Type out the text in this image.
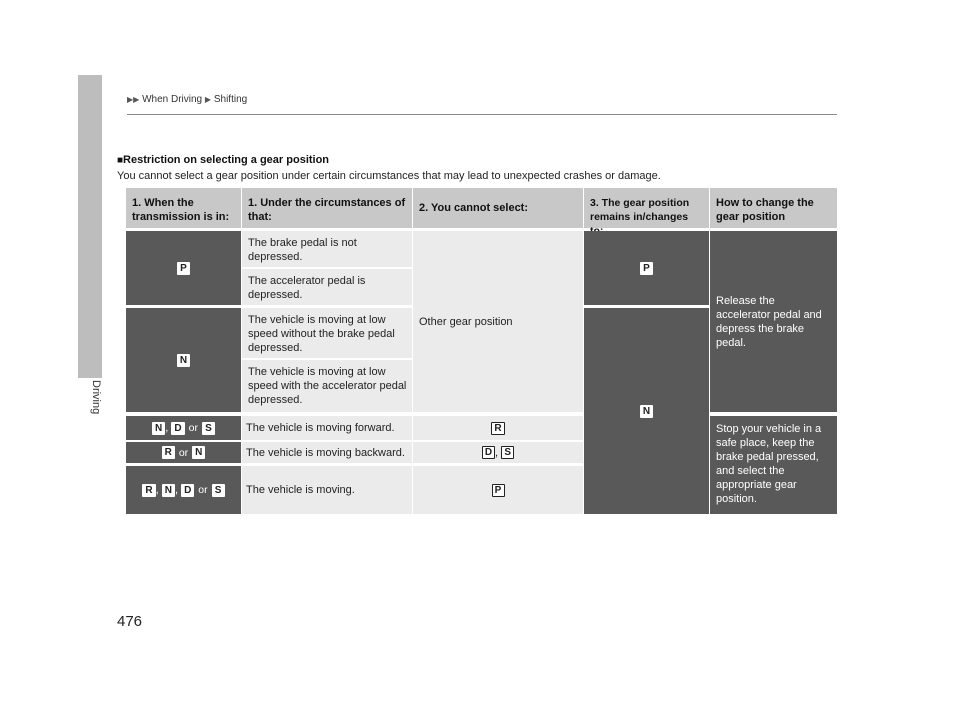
Driving
▶▶ When Driving ▶ Shifting
■Restriction on selecting a gear position
You cannot select a gear position under certain circumstances that may lead to unexpected crashes or damage.
1. When the transmission is in:
1. Under the circumstances of that:
2. You cannot select:	3. The gear position remains in/changes
How to change the gear position
P
N
N ,
D or S
R or N
R ,
N ,
D or S
The brake pedal is not depressed.
The accelerator pedal is depressed.
The vehicle is moving at low speed without the brake pedal depressed.
The vehicle is moving at low speed with the accelerator pedal depressed.
The vehicle is moving forward.
The vehicle is moving backward.
The vehicle is moving.
Other gear position
R
D ,
S
P
P
N
Release the accelerator pedal and depress the brake pedal.
Stop your vehicle in a safe place, keep the brake pedal pressed, and select the appropriate gear position.
476
